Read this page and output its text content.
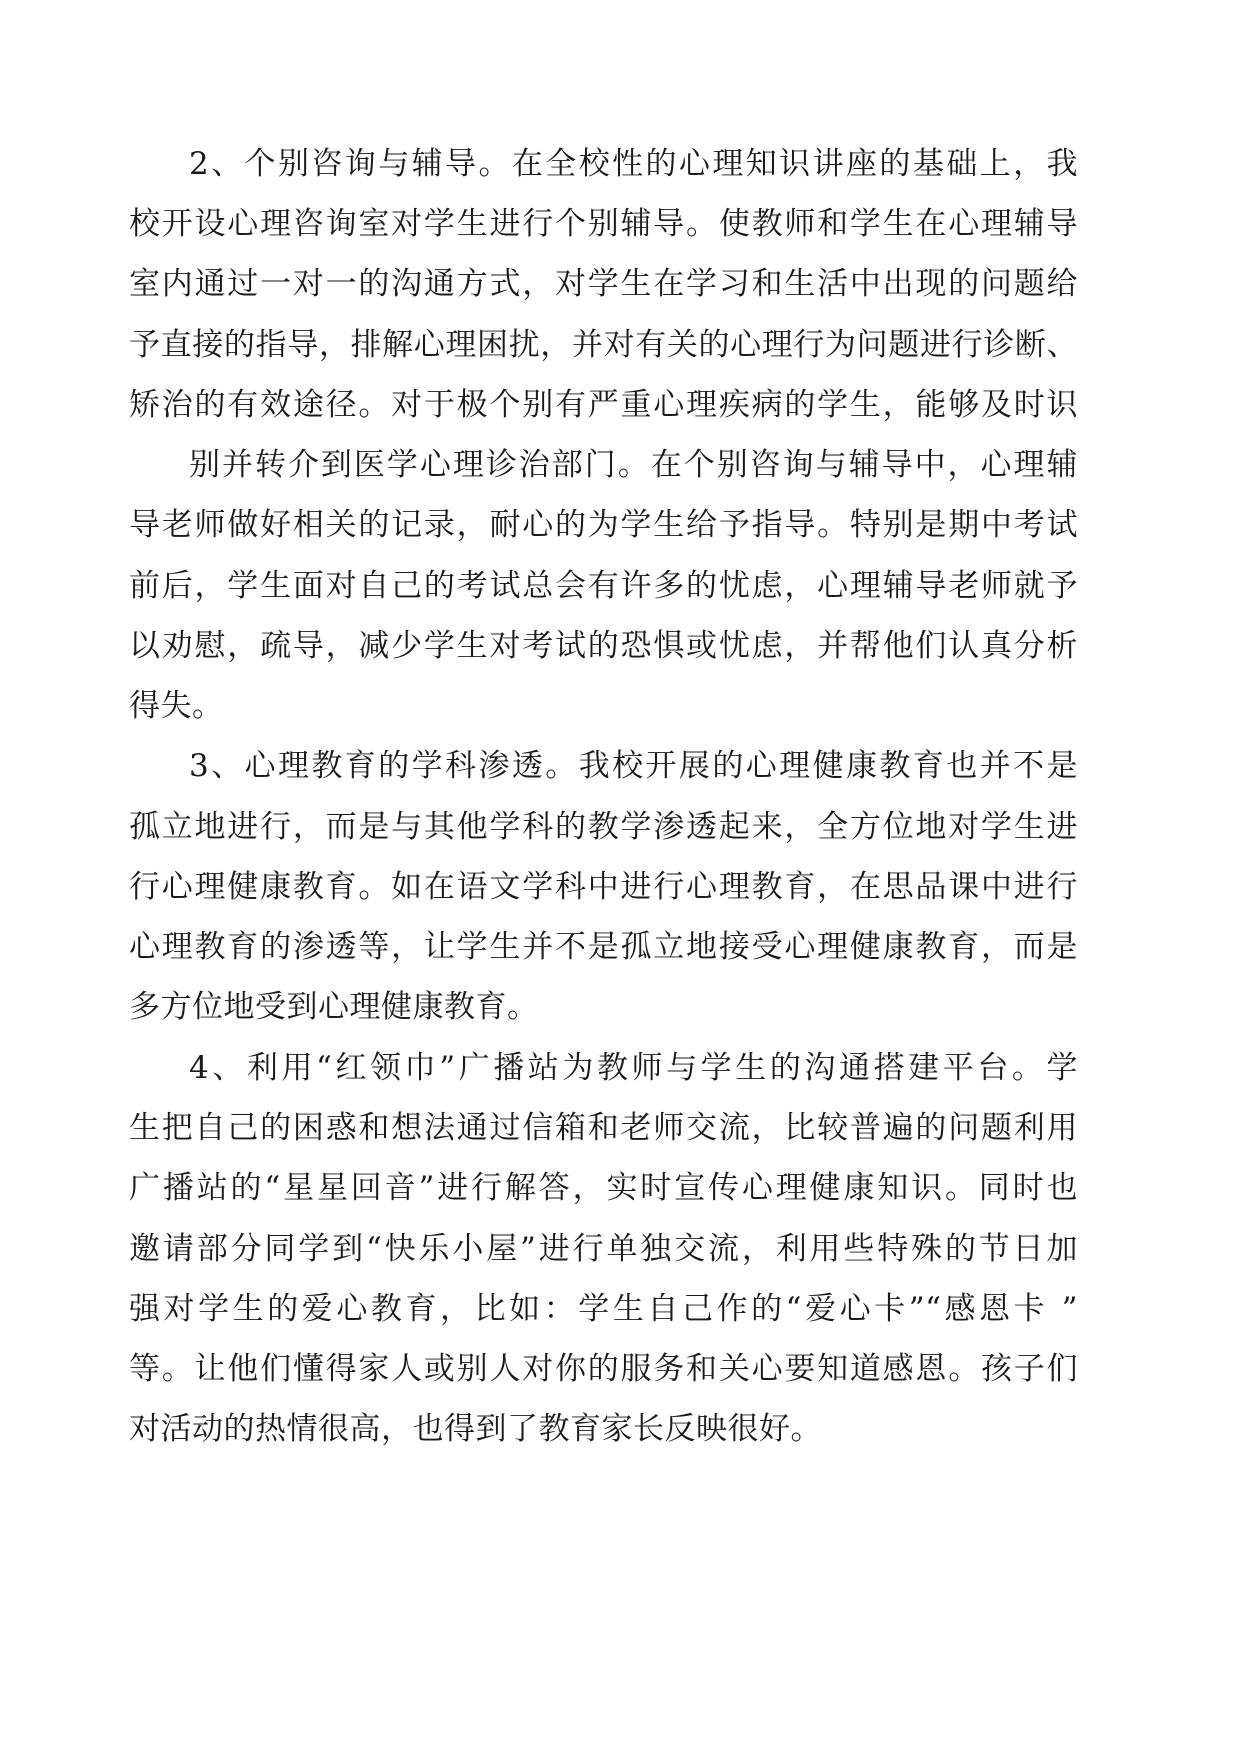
2、个别咨询与辅导。在全校性的心理知识讲座的基础上，我
校开设心理咨询室对学生进行个别辅导。使教师和学生在心理辅导
室内通过一对一的沟通方式，对学生在学习和生活中出现的问题给
予直接的指导，排解心理困扰，并对有关的心理行为问题进行诊断、
矫治的有效途径。对于极个别有严重心理疾病的学生，能够及时识
别并转介到医学心理诊治部门。在个别咨询与辅导中，心理辅
导老师做好相关的记录，耐心的为学生给予指导。特别是期中考试
前后，学生面对自己的考试总会有许多的忧虑，心理辅导老师就予
以劝慰，疏导，减少学生对考试的恐惧或忧虑，并帮他们认真分析
得失。
3、心理教育的学科渗透。我校开展的心理健康教育也并不是
孤立地进行，而是与其他学科的教学渗透起来，全方位地对学生进
行心理健康教育。如在语文学科中进行心理教育，在思品课中进行
心理教育的渗透等，让学生并不是孤立地接受心理健康教育，而是
多方位地受到心理健康教育。
4、利用“红领巾”广播站为教师与学生的沟通搭建平台。学
生把自己的困惑和想法通过信箱和老师交流，比较普遍的问题利用
广播站的“星星回音”进行解答，实时宣传心理健康知识。同时也
邀请部分同学到“快乐小屋”进行单独交流，利用些特殊的节日加
强对学生的爱心教育，比如：学生自己作的“爱心卡”“感恩卡 ”
等。让他们懂得家人或别人对你的服务和关心要知道感恩。孩子们
对活动的热情很高，也得到了教育家长反映很好。
